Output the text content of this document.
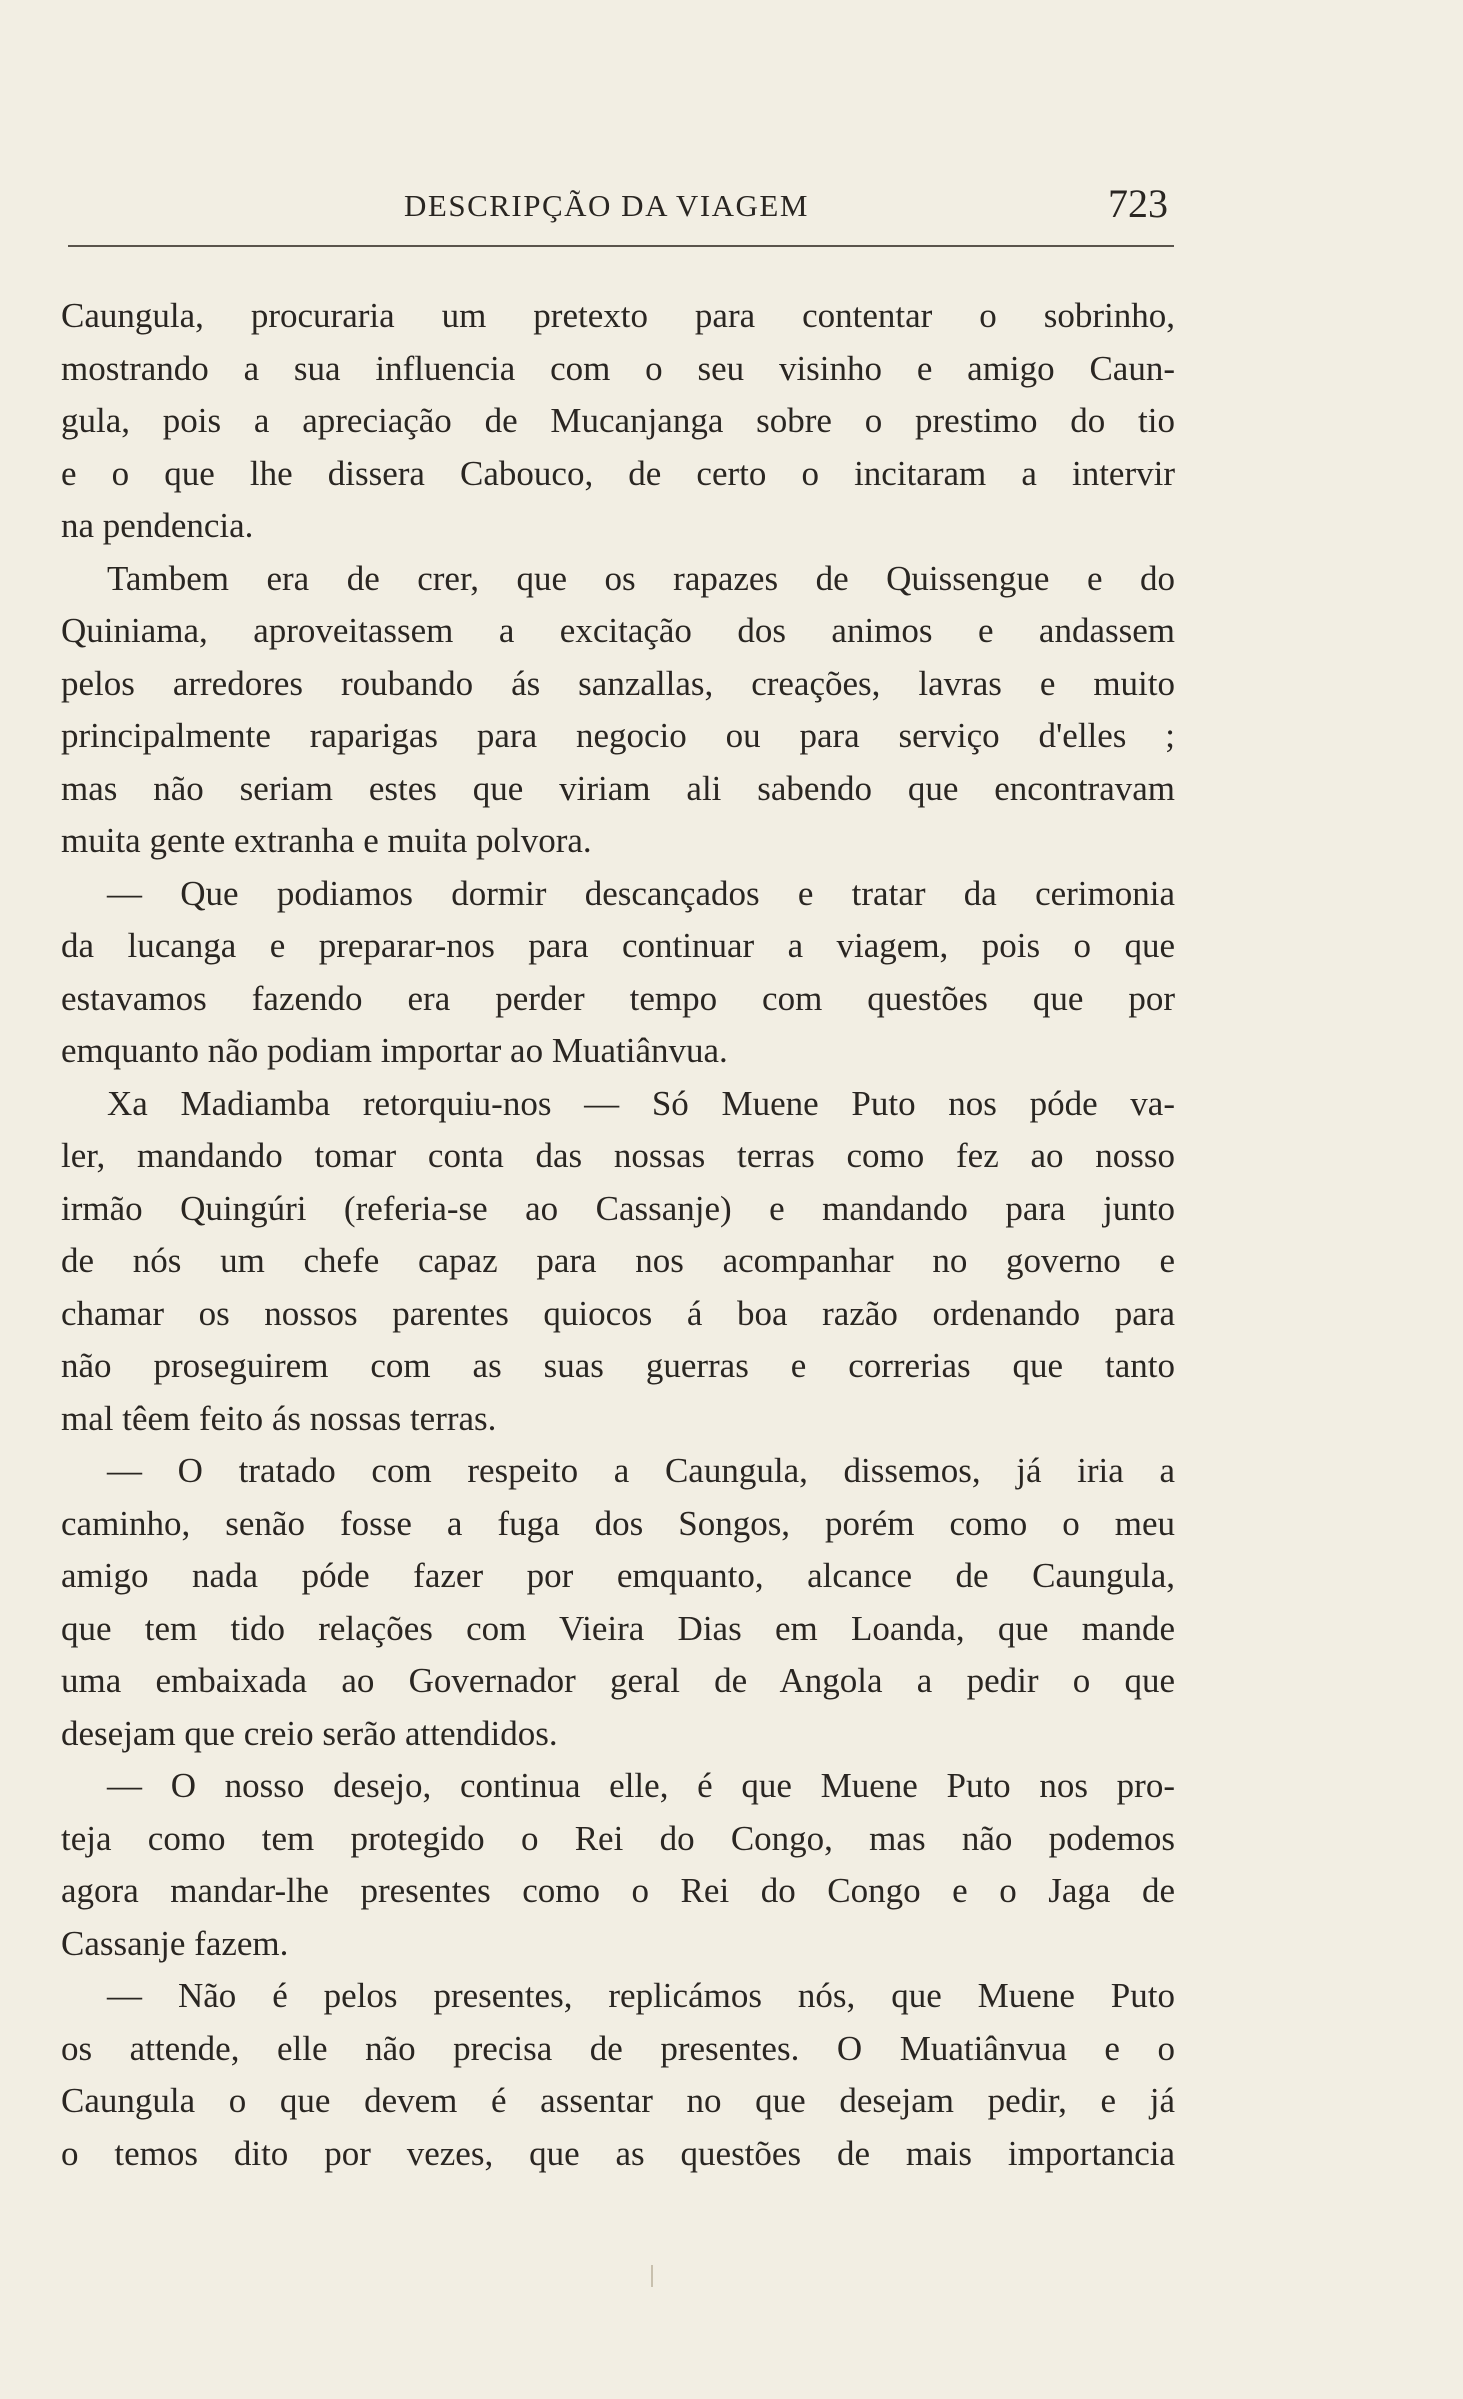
DESCRIPÇÃO DA VIAGEM	723
Caungula, procuraria um pretexto para contentar o sobrinho,
mostrando a sua influencia com o seu visinho e amigo Caun-
gula, pois a apreciação de Mucanjanga sobre o prestimo do tio
e o que lhe dissera Cabouco, de certo o incitaram a intervir
na pendencia.
Tambem era de crer, que os rapazes de Quissengue e do
Quiniama, aproveitassem a excitação dos animos e andassem
pelos arredores roubando ás sanzallas, creações, lavras e muito
principalmente raparigas para negocio ou para serviço d'elles ;
mas não seriam estes que viriam ali sabendo que encontravam
muita gente extranha e muita polvora.
— Que podiamos dormir descançados e tratar da cerimonia
da lucanga e preparar-nos para continuar a viagem, pois o que
estavamos fazendo era perder tempo com questões que por
emquanto não podiam importar ao Muatiânvua.
Xa Madiamba retorquiu-nos — Só Muene Puto nos póde va-
ler, mandando tomar conta das nossas terras como fez ao nosso
irmão Quingúri (referia-se ao Cassanje) e mandando para junto
de nós um chefe capaz para nos acompanhar no governo e
chamar os nossos parentes quiocos á boa razão ordenando para
não proseguirem com as suas guerras e correrias que tanto
mal têem feito ás nossas terras.
— O tratado com respeito a Caungula, dissemos, já iria a
caminho, senão fosse a fuga dos Songos, porém como o meu
amigo nada póde fazer por emquanto, alcance de Caungula,
que tem tido relações com Vieira Dias em Loanda, que mande
uma embaixada ao Governador geral de Angola a pedir o que
desejam que creio serão attendidos.
— O nosso desejo, continua elle, é que Muene Puto nos pro-
teja como tem protegido o Rei do Congo, mas não podemos
agora mandar-lhe presentes como o Rei do Congo e o Jaga de
Cassanje fazem.
— Não é pelos presentes, replicámos nós, que Muene Puto
os attende, elle não precisa de presentes. O Muatiânvua e o
Caungula o que devem é assentar no que desejam pedir, e já
o temos dito por vezes, que as questões de mais importancia
